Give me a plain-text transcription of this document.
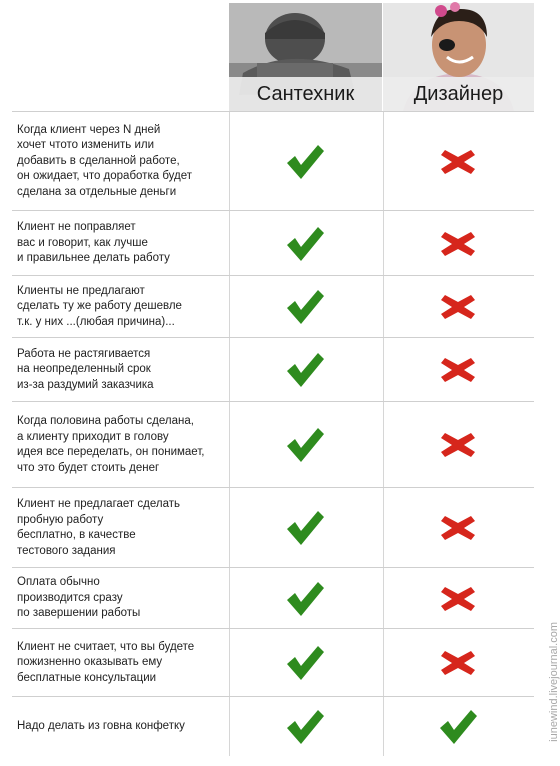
Сантехник	Дизайнер
Когда клиент через N дней
хочет чтото изменить или
добавить в сделанной работе,
он ожидает, что доработка будет
сделана за отдельные деньги
Клиент не поправляет
вас и говорит, как лучше
и правильнее делать работу
Клиенты не предлагают
сделать ту же работу дешевле
т.к. у них ...(любая причина)...
Работа не растягивается
на неопределенный срок
из-за раздумий заказчика
Когда половина работы сделана,
а клиенту приходит в голову
идея все переделать, он понимает,
что это будет стоить денег
Клиент не предлагает сделать
пробную работу
бесплатно, в качестве
тестового задания
Оплата обычно
производится сразу
по завершении работы
Клиент не считает, что вы будете
пожизненно оказывать ему
бесплатные консультации
Надо делать из говна конфетку	iunewind.livejournal.com
